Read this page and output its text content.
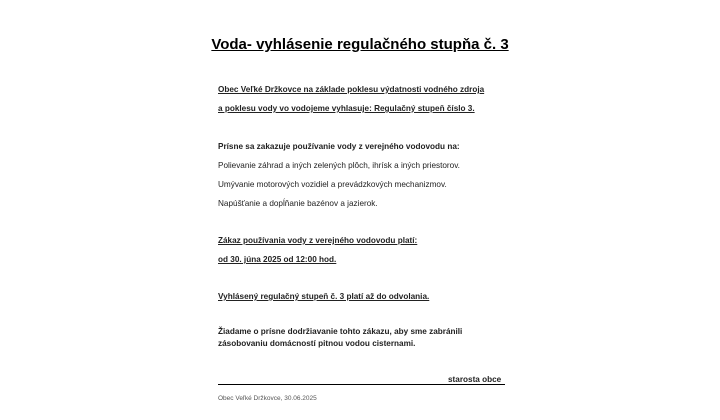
Voda- vyhlásenie regulačného stupňa č. 3
Obec Veľké Držkovce na základe poklesu výdatnosti vodného zdroja
a poklesu vody vo vodojeme vyhlasuje: Regulačný stupeň číslo 3.
Prísne sa zakazuje používanie vody z verejného vodovodu na:
Polievanie záhrad a iných zelených plôch, ihrísk a iných priestorov.
Umývanie motorových vozidiel a prevádzkových mechanizmov.
Napúšťanie a dopĺňanie bazénov a jazierok.
Zákaz používania vody z verejného vodovodu platí:
od 30. júna 2025 od 12:00 hod.
Vyhlásený regulačný stupeň č. 3 platí až do odvolania.
Žiadame o prísne dodržiavanie tohto zákazu, aby sme zabránili
zásobovaniu domácností pitnou vodou cisternami.
starosta obce
Obec Veľké Držkovce, 30.06.2025
